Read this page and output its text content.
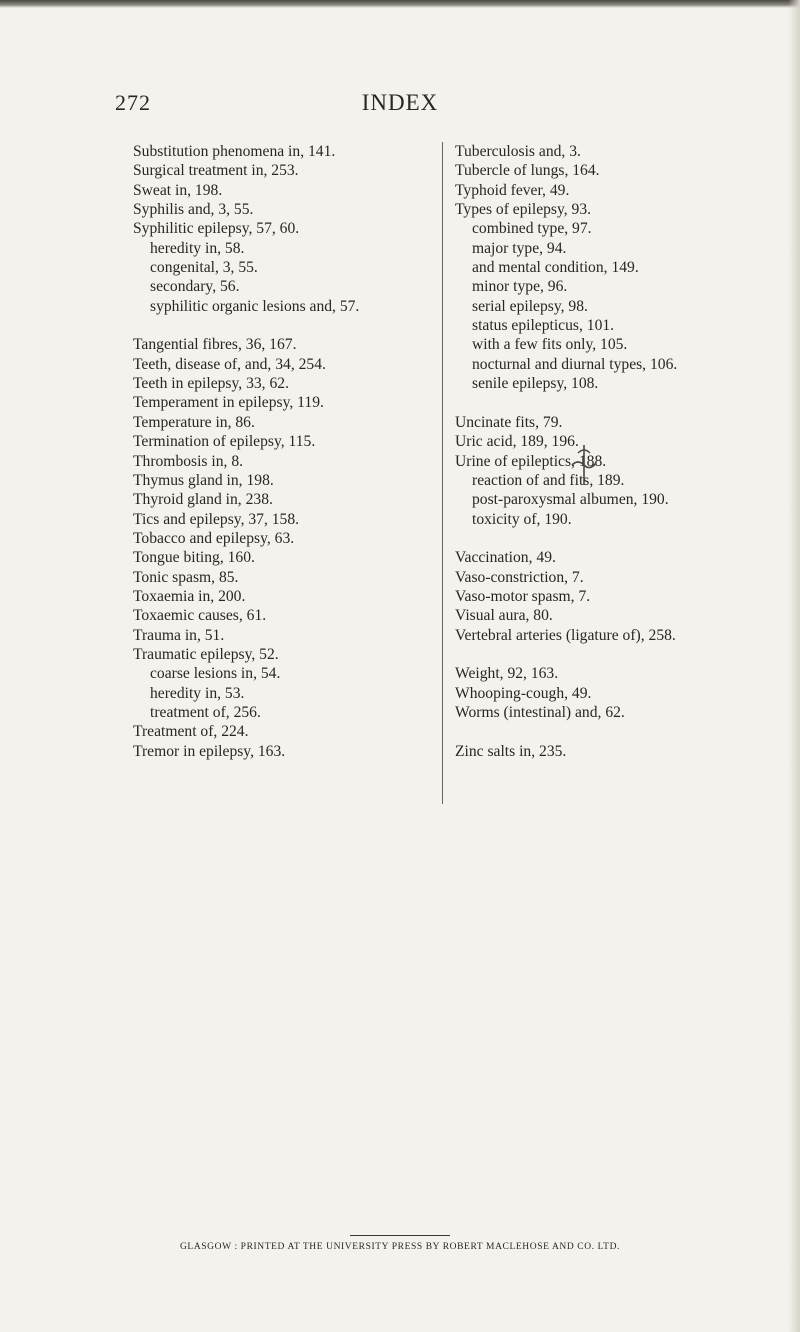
272	INDEX
Substitution phenomena in, 141.
Surgical treatment in, 253.
Sweat in, 198.
Syphilis and, 3, 55.
Syphilitic epilepsy, 57, 60.
heredity in, 58.
congenital, 3, 55.
secondary, 56.
syphilitic organic lesions and, 57.
Tangential fibres, 36, 167.
Teeth, disease of, and, 34, 254.
Teeth in epilepsy, 33, 62.
Temperament in epilepsy, 119.
Temperature in, 86.
Termination of epilepsy, 115.
Thrombosis in, 8.
Thymus gland in, 198.
Thyroid gland in, 238.
Tics and epilepsy, 37, 158.
Tobacco and epilepsy, 63.
Tongue biting, 160.
Tonic spasm, 85.
Toxaemia in, 200.
Toxaemic causes, 61.
Trauma in, 51.
Traumatic epilepsy, 52.
coarse lesions in, 54.
heredity in, 53.
treatment of, 256.
Treatment of, 224.
Tremor in epilepsy, 163.
Tuberculosis and, 3.
Tubercle of lungs, 164.
Typhoid fever, 49.
Types of epilepsy, 93.
combined type, 97.
major type, 94.
and mental condition, 149.
minor type, 96.
serial epilepsy, 98.
status epilepticus, 101.
with a few fits only, 105.
nocturnal and diurnal types, 106.
senile epilepsy, 108.
Uncinate fits, 79.
Uric acid, 189, 196.
Urine of epileptics, 188.
reaction of and fits, 189.
post-paroxysmal albumen, 190.
toxicity of, 190.
Vaccination, 49.
Vaso-constriction, 7.
Vaso-motor spasm, 7.
Visual aura, 80.
Vertebral arteries (ligature of), 258.
Weight, 92, 163.
Whooping-cough, 49.
Worms (intestinal) and, 62.
Zinc salts in, 235.
GLASGOW : PRINTED AT THE UNIVERSITY PRESS BY ROBERT MACLEHOSE AND CO. LTD.
